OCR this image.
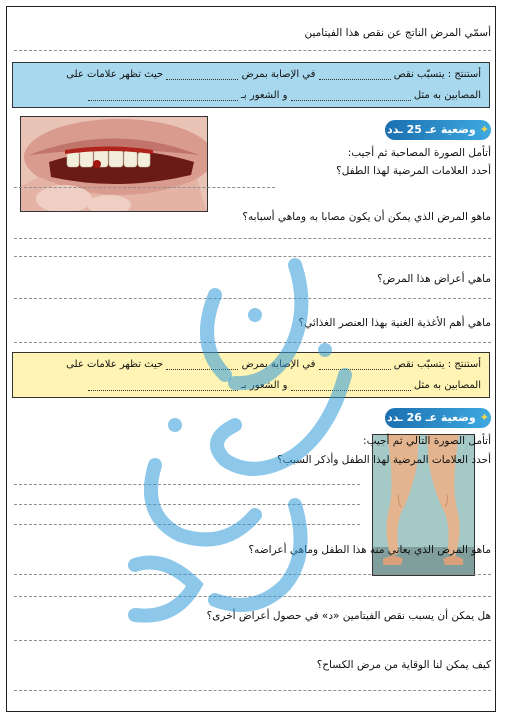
أسمّي المرض الناتج عن نقص هذا الفيتامين
أستنتج : يتسبّب نقص  في الإصابة بمرض  حيث تظهر علامات على
المصابين به مثل  و الشعور بـ
✦وضعية عـ 25 ـدد
أتأمل الصورة المصاحبة ثم أجيب:
أحدد العلامات المرضية لهذا الطفل؟
ماهو المرض الذي يمكن أن يكون مصابا به وماهي أسبابه؟
ماهي أعراض هذا المرض؟
ماهي أهم الأغذية الغنية بهذا العنصر الغذائي؟
أستنتج : يتسبّب نقص  في الإصابة بمرض  حيث تظهر علامات على
المصابين به مثل  و الشعور بـ
✦وضعية عـ 26 ـدد
أتأمل الصورة التالي ثم أجيب:
أحدد العلامات المرضية لهذا الطفل وأذكر السبب؟
ماهو المرض الذي يعاني منه هذا الطفل وماهي أعراضه؟
هل يمكن أن يسبب نقص الفيتامين «د» في حصول أعراض أخرى؟
كيف يمكن لنا الوقاية من مرض الكساح؟
